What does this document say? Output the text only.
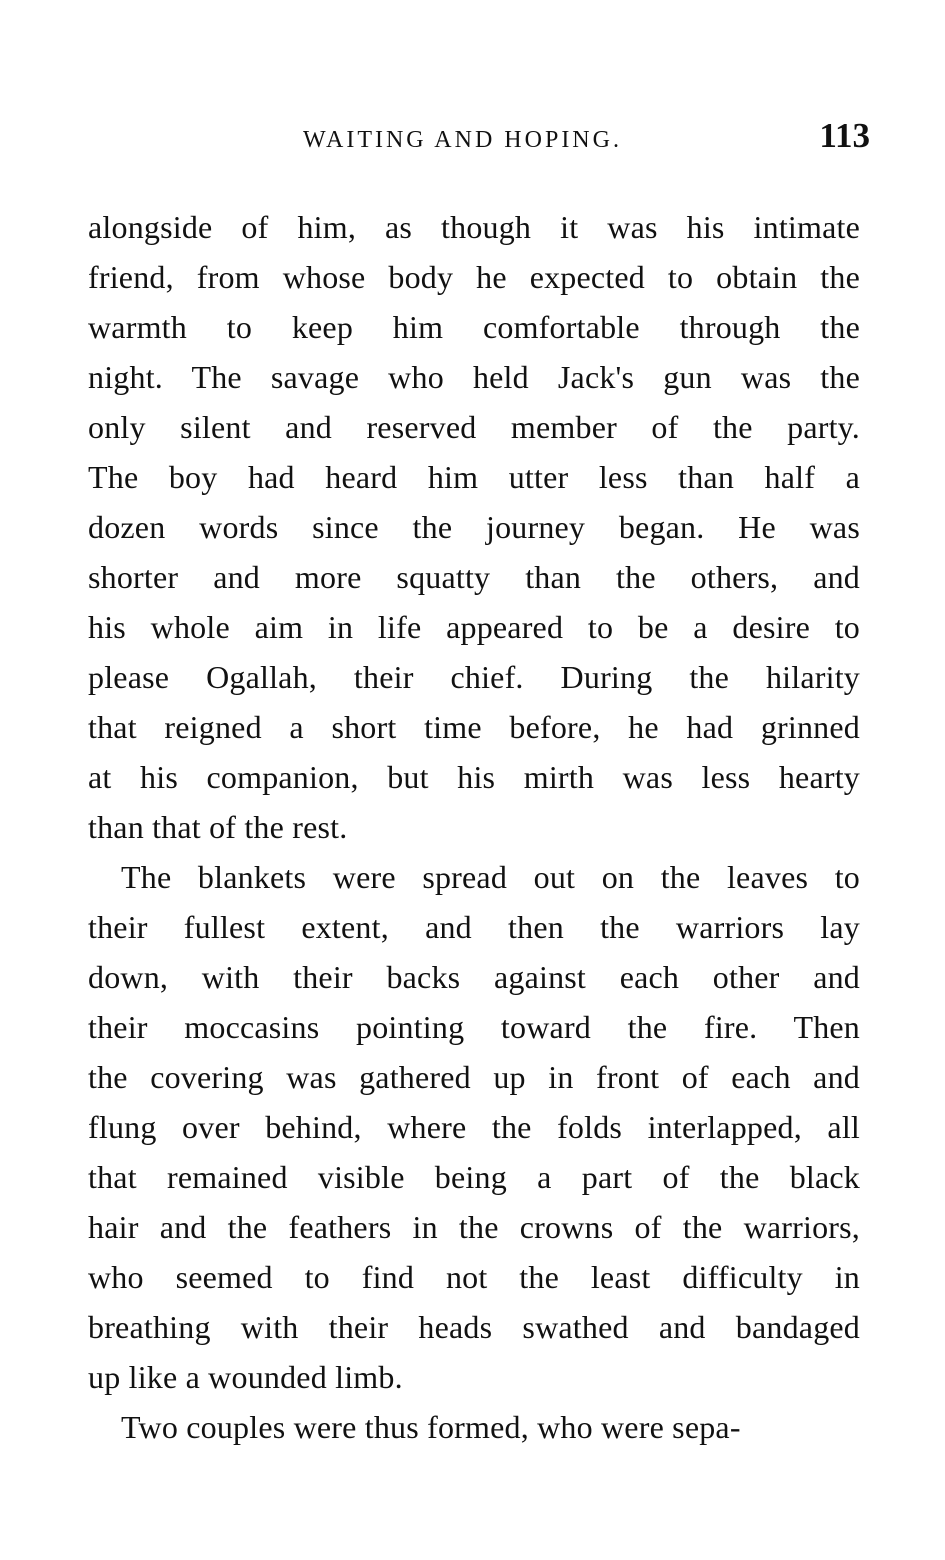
WAITING AND HOPING.	113
alongside of him, as though it was his intimate
friend, from whose body he expected to obtain the
warmth to keep him comfortable through the
night. The savage who held Jack's gun was the
only silent and reserved member of the party.
The boy had heard him utter less than half a
dozen words since the journey began. He was
shorter and more squatty than the others, and
his whole aim in life appeared to be a desire to
please Ogallah, their chief. During the hilarity
that reigned a short time before, he had grinned
at his companion, but his mirth was less hearty
than that of the rest.
The blankets were spread out on the leaves to
their fullest extent, and then the warriors lay
down, with their backs against each other and
their moccasins pointing toward the fire. Then
the covering was gathered up in front of each and
flung over behind, where the folds interlapped, all
that remained visible being a part of the black
hair and the feathers in the crowns of the warriors,
who seemed to find not the least difficulty in
breathing with their heads swathed and bandaged
up like a wounded limb.
Two couples were thus formed, who were sepa-
